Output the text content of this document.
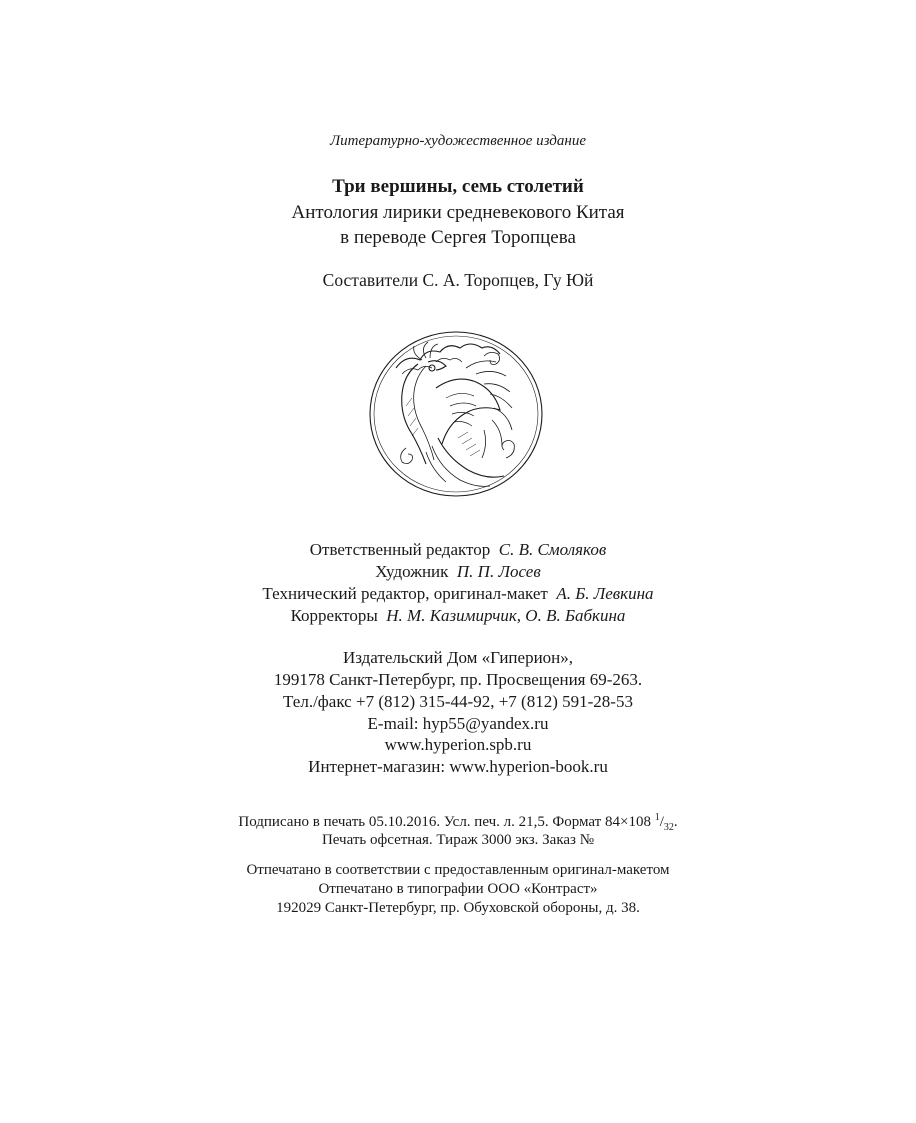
Литературно-художественное издание
Три вершины, семь столетий
Антология лирики средневекового Китая
в переводе Сергея Торопцева
Составители С. А. Торопцев, Гу Юй
Ответственный редактор С. В. Смоляков
Художник П. П. Лосев
Технический редактор, оригинал-макет А. Б. Левкина
Корректоры Н. М. Казимирчик, О. В. Бабкина
Издательский Дом «Гиперион»,
199178 Санкт-Петербург, пр. Просвещения 69-263.
Тел./факс +7 (812) 315-44-92, +7 (812) 591-28-53
E-mail: hyp55@yandex.ru
www.hyperion.spb.ru
Интернет-магазин: www.hyperion-book.ru
Подписано в печать 05.10.2016. Усл. печ. л. 21,5. Формат 84×108 $^1/_{32}$.
Печать офсетная. Тираж 3000 экз. Заказ №
Отпечатано в соответствии с предоставленным оригинал-макетом
Отпечатано в типографии ООО «Контраст»
192029 Санкт-Петербург, пр. Обуховской обороны, д. 38.
